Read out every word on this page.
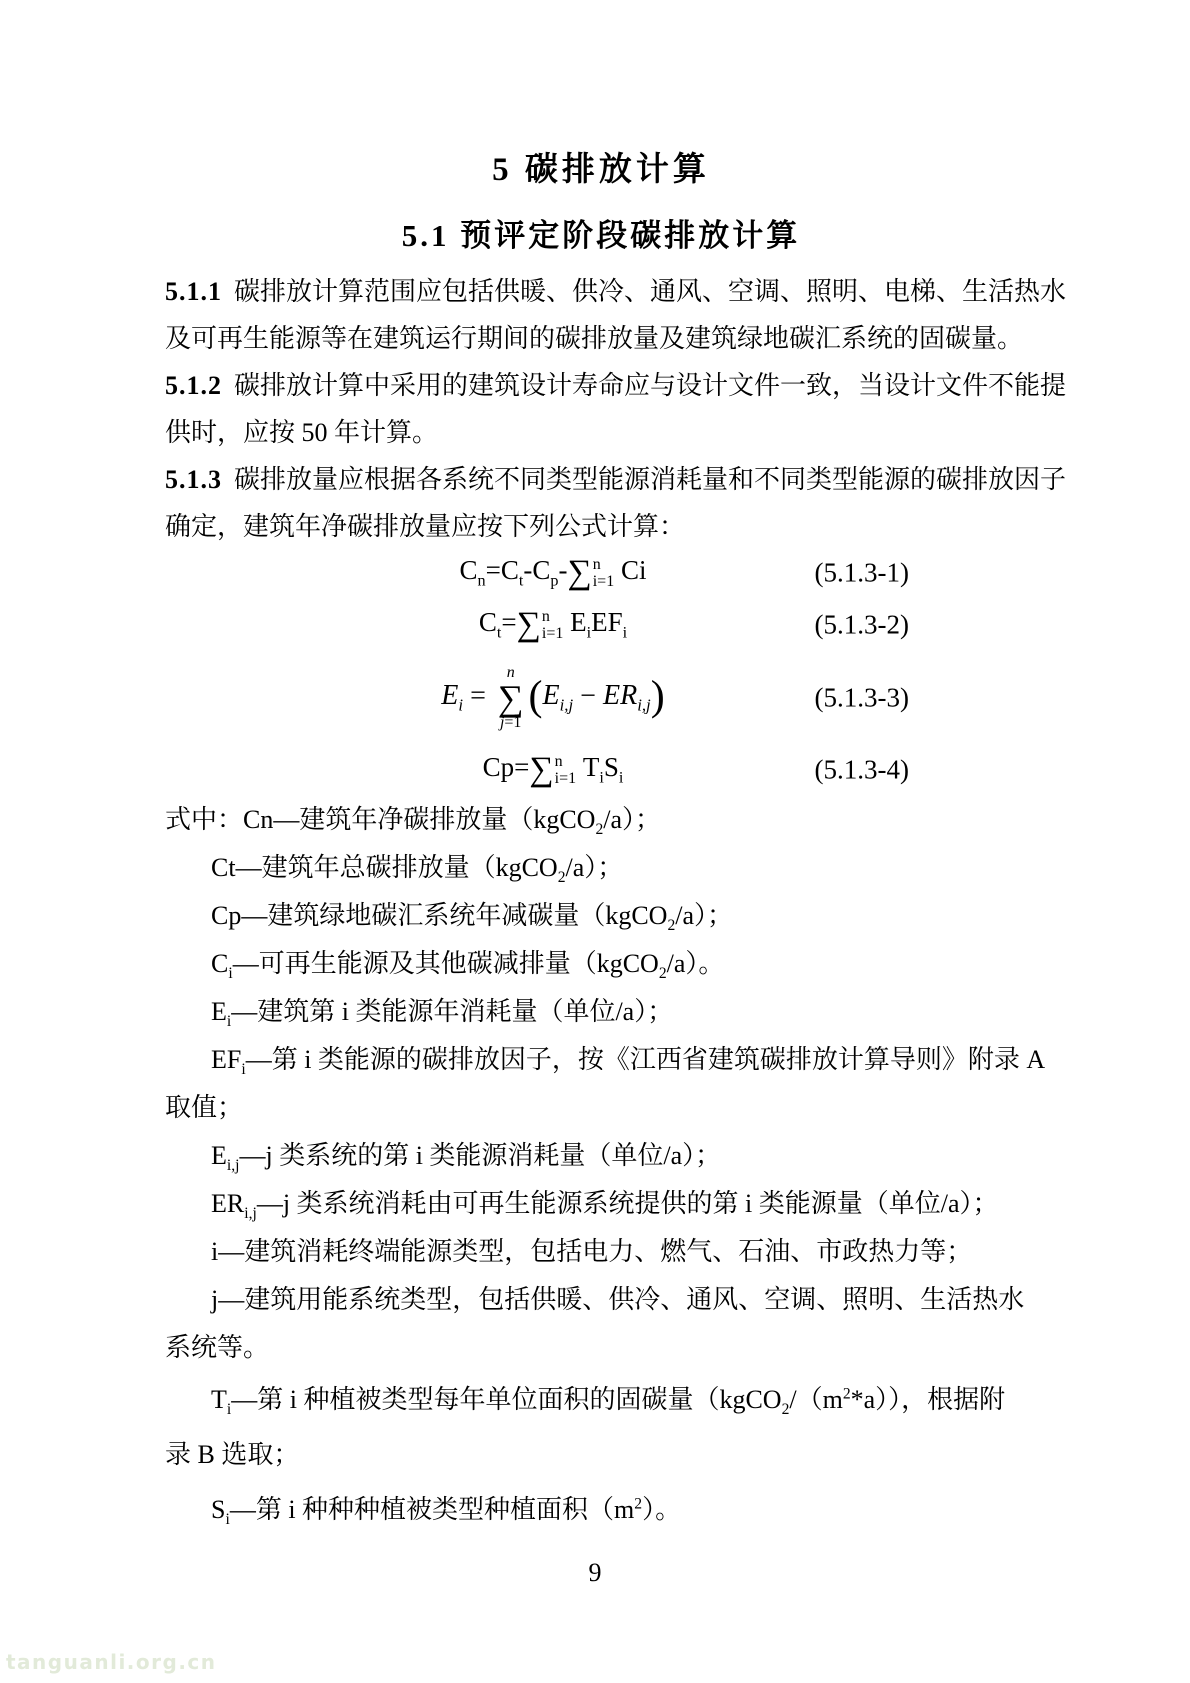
5 碳排放计算
5.1 预评定阶段碳排放计算

5.1.1 碳排放计算范围应包括供暖、供冷、通风、空调、照明、电梯、生活热水
及可再生能源等在建筑运行期间的碳排放量及建筑绿地碳汇系统的固碳量。

5.1.2 碳排放计算中采用的建筑设计寿命应与设计文件一致，当设计文件不能提
供时，应按 50 年计算。

5.1.3 碳排放量应根据各系统不同类型能源消耗量和不同类型能源的碳排放因子
确定，建筑年净碳排放量应按下列公式计算：

$C_n=C_t-C_p-$ ∑ n
i=1 Ci	(5.1.3-1)
$C_t=$ ∑ n
i=1 $E_iEF_i$	(5.1.3-2)
$E_i$ =
n
∑
j=1
$(E_{i,j} - ER_{i,j})$	(5.1.3-3)
Cp= ∑ n
i=1 $T_iS_i$	(5.1.3-4)
式中：Cn—建筑年净碳排放量（kgCO$_2$/a）；
Ct—建筑年总碳排放量（kgCO$_2$/a）；
Cp—建筑绿地碳汇系统年减碳量（kgCO$_2$/a）；
$C_i—$可再生能源及其他碳减排量（kgCO$_2$/a）。
$E_i—$建筑第 i 类能源年消耗量（单位/a）；
$EF_i—$第 i 类能源的碳排放因子，按《江西省建筑碳排放计算导则》附录 A
取值；
$E_{i,j}—j$ 类系统的第 i 类能源消耗量（单位/a）；
$ER_{i,j}—j$ 类系统消耗由可再生能源系统提供的第 i 类能源量（单位/a）；
i—建筑消耗终端能源类型，包括电力、燃气、石油、市政热力等；
j—建筑用能系统类型，包括供暖、供冷、通风、空调、照明、生活热水
系统等。
$T_i—$第 i 种植被类型每年单位面积的固碳量$(kgCO_2/(m^2*a))$，根据附
录 B 选取；
$S_i—$第 i 种种种植被类型种植面积$(m^2)$。
9
tanguanli.org.cn
